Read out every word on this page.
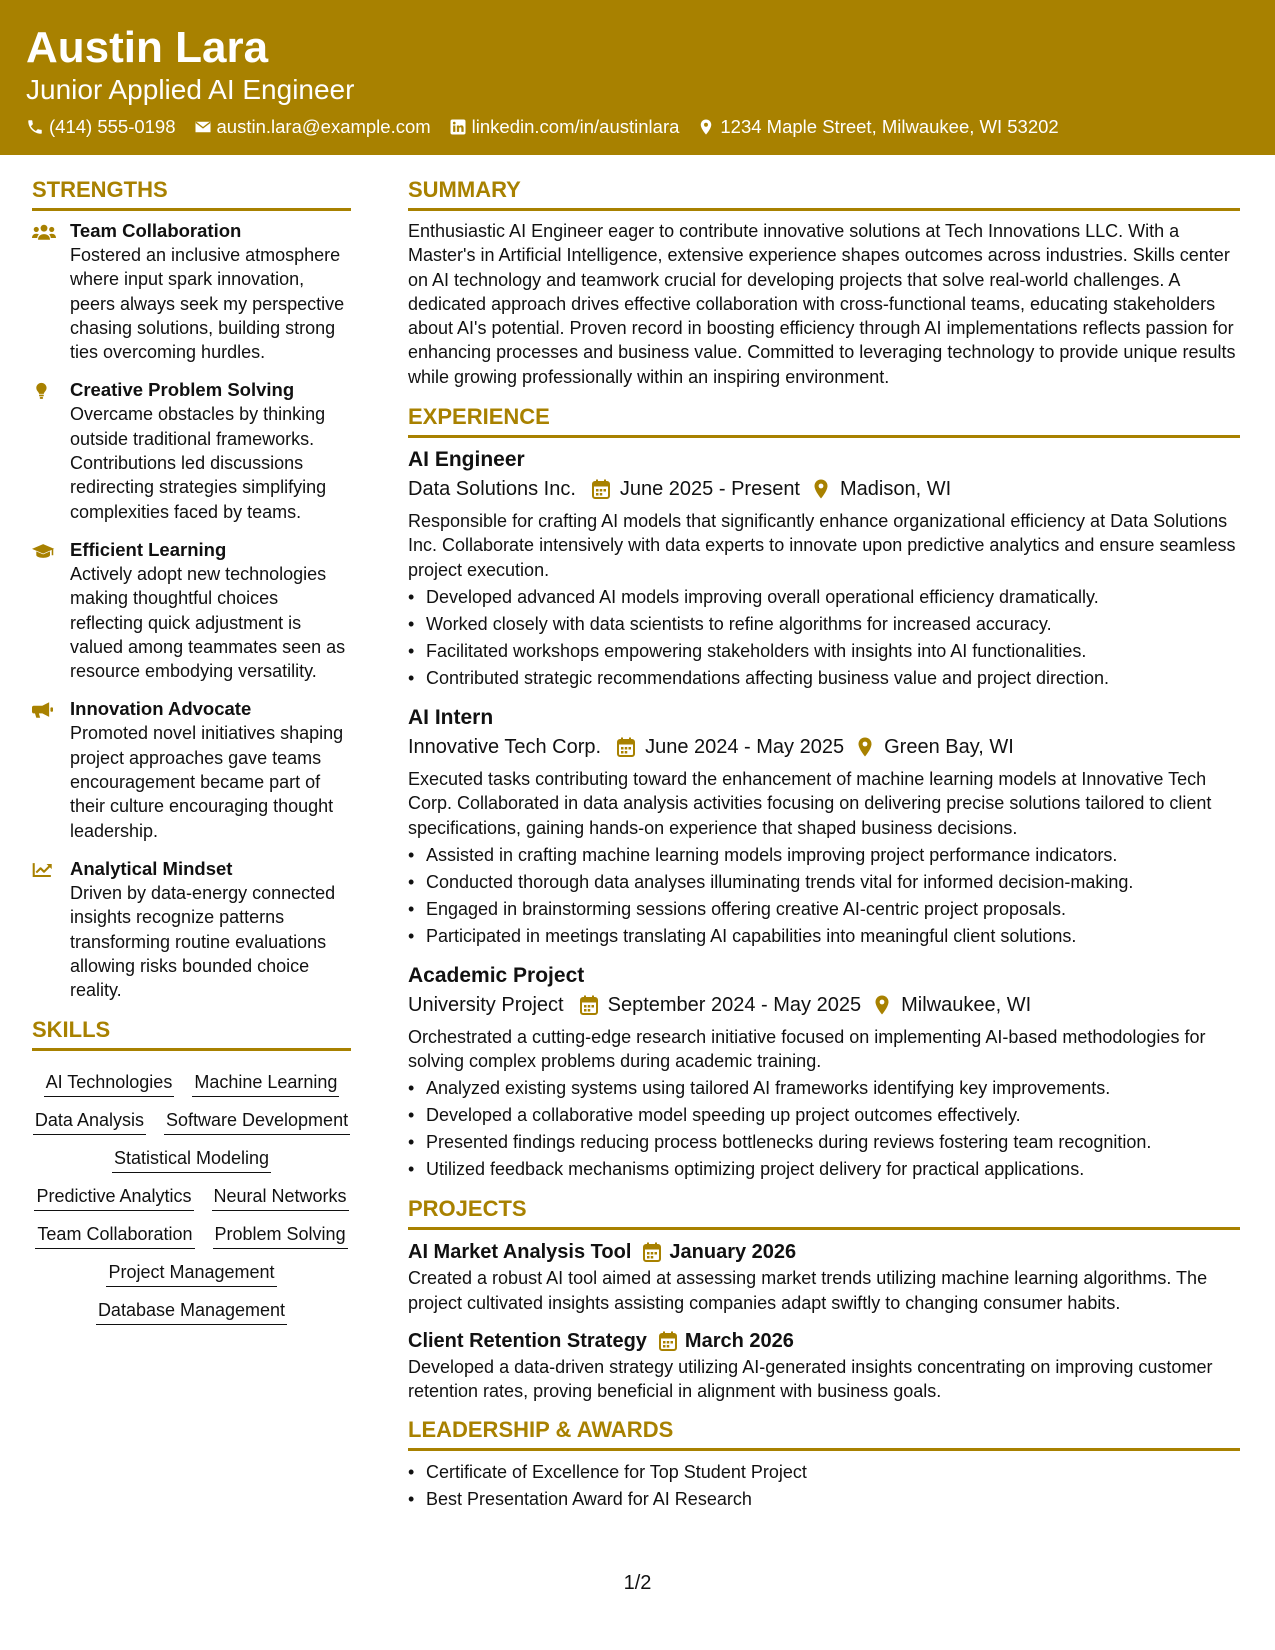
Austin Lara
Junior Applied AI Engineer
(414) 555-0198 austin.lara@example.com linkedin.com/in/austinlara 1234 Maple Street, Milwaukee, WI 53202
STRENGTHS
Team Collaboration
Fostered an inclusive atmosphere where input spark innovation, peers always seek my perspective chasing solutions, building strong ties overcoming hurdles.
Creative Problem Solving
Overcame obstacles by thinking outside traditional frameworks. Contributions led discussions redirecting strategies simplifying complexities faced by teams.
Efficient Learning
Actively adopt new technologies making thoughtful choices reflecting quick adjustment is valued among teammates seen as resource embodying versatility.
Innovation Advocate
Promoted novel initiatives shaping project approaches gave teams encouragement became part of their culture encouraging thought leadership.
Analytical Mindset
Driven by data-energy connected insights recognize patterns transforming routine evaluations allowing risks bounded choice reality.
SKILLS
AI Technologies Machine Learning
Data Analysis Software Development
Statistical Modeling
Predictive Analytics Neural Networks
Team Collaboration Problem Solving
Project Management
Database Management
SUMMARY
Enthusiastic AI Engineer eager to contribute innovative solutions at Tech Innovations LLC. With a Master's in Artificial Intelligence, extensive experience shapes outcomes across industries. Skills center on AI technology and teamwork crucial for developing projects that solve real-world challenges. A dedicated approach drives effective collaboration with cross-functional teams, educating stakeholders about AI's potential. Proven record in boosting efficiency through AI implementations reflects passion for enhancing processes and business value. Committed to leveraging technology to provide unique results while growing professionally within an inspiring environment.
EXPERIENCE
AI Engineer
Data Solutions Inc. June 2025 - Present Madison, WI
Responsible for crafting AI models that significantly enhance organizational efficiency at Data Solutions Inc. Collaborate intensively with data experts to innovate upon predictive analytics and ensure seamless project execution.
• Developed advanced AI models improving overall operational efficiency dramatically.
• Worked closely with data scientists to refine algorithms for increased accuracy.
• Facilitated workshops empowering stakeholders with insights into AI functionalities.
• Contributed strategic recommendations affecting business value and project direction.
AI Intern
Innovative Tech Corp. June 2024 - May 2025 Green Bay, WI
Executed tasks contributing toward the enhancement of machine learning models at Innovative Tech Corp. Collaborated in data analysis activities focusing on delivering precise solutions tailored to client specifications, gaining hands-on experience that shaped business decisions.
• Assisted in crafting machine learning models improving project performance indicators.
• Conducted thorough data analyses illuminating trends vital for informed decision-making.
• Engaged in brainstorming sessions offering creative AI-centric project proposals.
• Participated in meetings translating AI capabilities into meaningful client solutions.
Academic Project
University Project September 2024 - May 2025 Milwaukee, WI
Orchestrated a cutting-edge research initiative focused on implementing AI-based methodologies for solving complex problems during academic training.
• Analyzed existing systems using tailored AI frameworks identifying key improvements.
• Developed a collaborative model speeding up project outcomes effectively.
• Presented findings reducing process bottlenecks during reviews fostering team recognition.
• Utilized feedback mechanisms optimizing project delivery for practical applications.
PROJECTS
AI Market Analysis Tool January 2026
Created a robust AI tool aimed at assessing market trends utilizing machine learning algorithms. The project cultivated insights assisting companies adapt swiftly to changing consumer habits.
Client Retention Strategy March 2026
Developed a data-driven strategy utilizing AI-generated insights concentrating on improving customer retention rates, proving beneficial in alignment with business goals.
LEADERSHIP & AWARDS
• Certificate of Excellence for Top Student Project
• Best Presentation Award for AI Research
1/2
